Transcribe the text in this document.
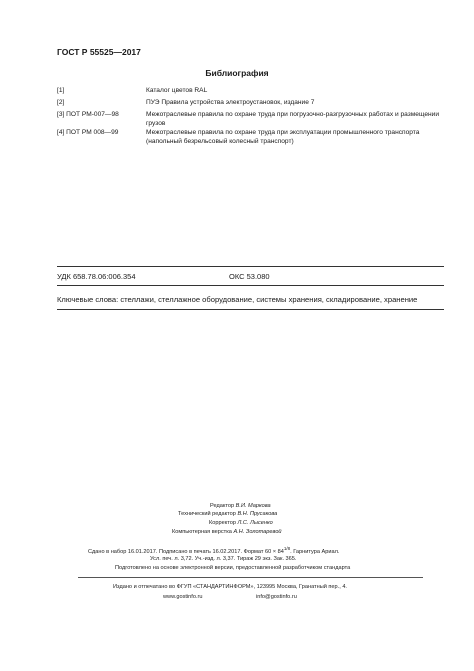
ГОСТ Р 55525—2017
Библиография
[1]	Каталог цветов RAL
[2]	ПУЭ Правила устройства электроустановок, издание 7
[3] ПОТ РМ-007—98	Межотраслевые правила по охране труда при погрузочно-разгрузочных работах и размещении грузов
[4] ПОТ РМ 008—99	Межотраслевые правила по охране труда при эксплуатации промышленного транспорта (напольный безрельсовый колесный транспорт)
УДК 658.78.06:006.354	ОКС 53.080
Ключевые слова: стеллажи, стеллажное оборудование, системы хранения, складирование, хранение
Редактор В.И. Маркова
Технический редактор В.Н. Прусакова
Корректор Л.С. Лысенко
Компьютерная верстка А.Н. Золотаревой
Сдано в набор 16.01.2017. Подписано в печать 16.02.2017. Формат $60 \times 84^{1/8}$. Гарнитура Ариал.
Усл. печ. л. 3,72. Уч.-изд. л. 3,37. Тираж 29 экз. Зак. 365.
Подготовлено на основе электронной версии, предоставленной разработчиком стандарта
Издано и отпечатано во ФГУП «СТАНДАРТИНФОРМ», 123995 Москва, Гранатный пер., 4.
www.gostinfo.ru	info@gostinfo.ru
